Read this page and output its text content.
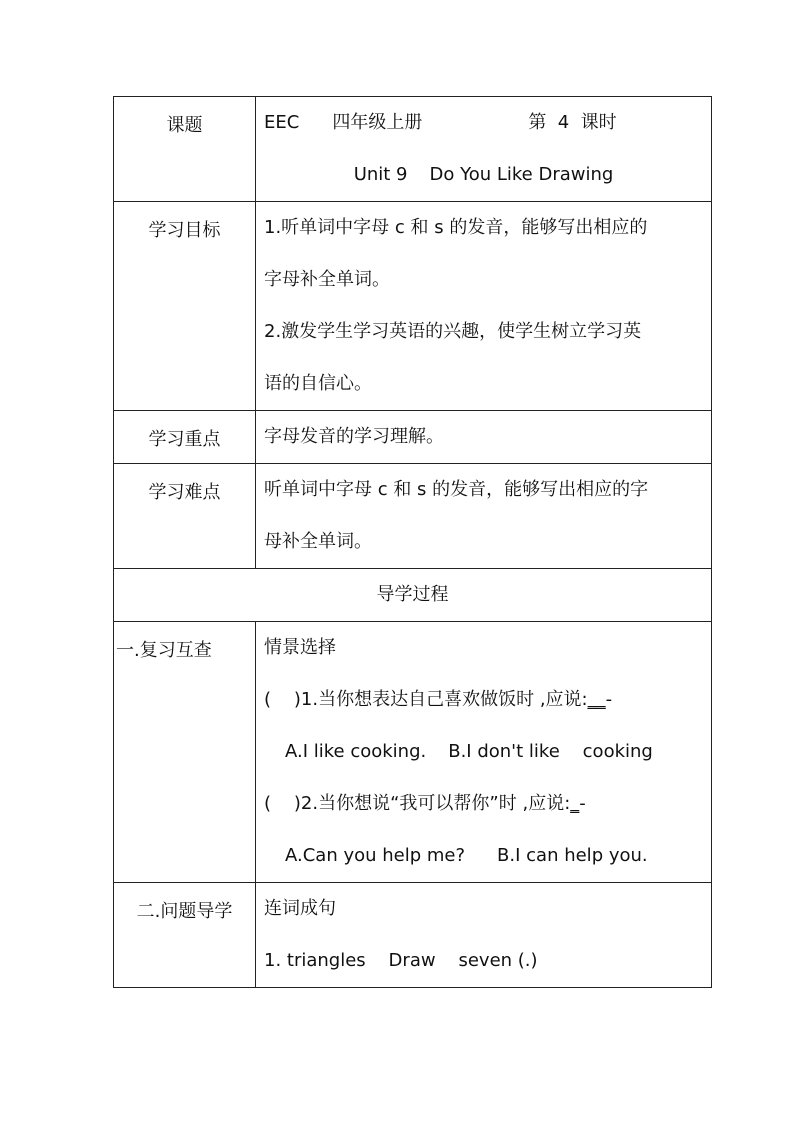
课题	EEC 四年级上册 第  4  课时
Unit 9 Do You Like Drawing

学习目标	1.听单词中字母 c 和 s 的发音，能够写出相应的
字母补全单词。
2.激发学生学习英语的兴趣，使学生树立学习英
语的自信心。

学习重点	字母发音的学习理解。

学习难点	听单词中字母 c 和 s 的发音，能够写出相应的字
母补全单词。

导学过程	

一.复习互查	情景选择
(    )1.当你想表达自己喜欢做饭时 ,应说:__-
A.I like cooking. B.I don't like    cooking
(    )2.当你想说“我可以帮你”时 ,应说:_-
A.Can you help me? B.I can help you.

二.问题导学	连词成句
1. triangles    Draw    seven (.)
